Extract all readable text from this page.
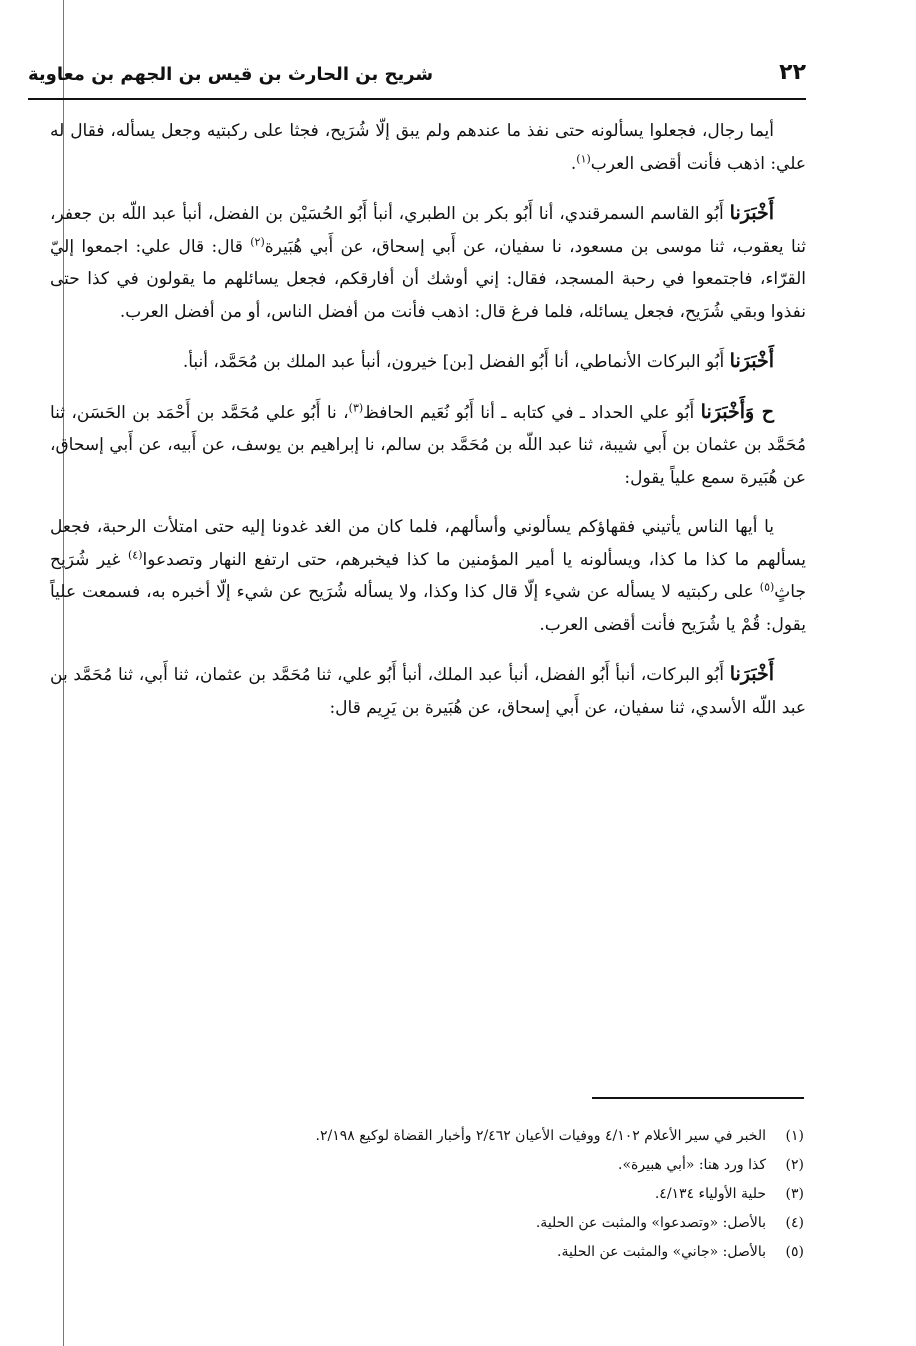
٢٢
شريح بن الحارث بن قيس بن الجهم بن معاوية

أيما رجال، فجعلوا يسألونه حتى نفذ ما عندهم ولم يبق إلّا شُرَيح، فجثا على ركبتيه وجعل يسأله، فقال له علي: اذهب فأنت أقضى العرب$^{(١)}$.

أَخْبَرَنا أَبُو القاسم السمرقندي، أنا أَبُو بكر بن الطبري، أنبأ أَبُو الحُسَيْن بن الفضل، أنبأ عبد اللّه بن جعفر، ثنا يعقوب، ثنا موسى بن مسعود، نا سفيان، عن أَبي إسحاق، عن أَبي هُبَيرة$^{(٢)}$ قال: قال علي: اجمعوا إليّ القرّاء، فاجتمعوا في رحبة المسجد، فقال: إني أوشك أن أفارقكم، فجعل يسائلهم ما يقولون في كذا حتى نفذوا وبقي شُرَيح، فجعل يسائله، فلما فرغ قال: اذهب فأنت من أفضل الناس، أو من أفضل العرب.

أَخْبَرَنا أَبُو البركات الأنماطي، أنا أَبُو الفضل [بن] خيرون، أنبأ عبد الملك بن مُحَمَّد، أنبأ.

ح وَأَخْبَرَنا أَبُو علي الحداد ـ في كتابه ـ أنا أَبُو نُعَيم الحافظ$^{(٣)}$، نا أَبُو علي مُحَمَّد بن أَحْمَد بن الحَسَن، ثنا مُحَمَّد بن عثمان بن أَبي شيبة، ثنا عبد اللّه بن مُحَمَّد بن سالم، نا إبراهيم بن يوسف، عن أَبيه، عن أَبي إسحاق، عن هُبَيرة سمع علياً يقول:

يا أيها الناس يأتيني فقهاؤكم يسألوني وأسألهم، فلما كان من الغد غدونا إليه حتى امتلأت الرحبة، فجعل يسألهم ما كذا ما كذا، ويسألونه يا أمير المؤمنين ما كذا فيخبرهم، حتى ارتفع النهار وتصدعوا$^{(٤)}$ غير شُرَيح جاثٍ$^{(٥)}$ على ركبتيه لا يسأله عن شيء إلّا قال كذا وكذا، ولا يسأله شُرَيح عن شيء إلّا أخبره به، فسمعت علياً يقول: قُمْ يا شُرَيح فأنت أقضى العرب.

أَخْبَرَنا أَبُو البركات، أنبأ أَبُو الفضل، أنبأ عبد الملك، أنبأ أَبُو علي، ثنا مُحَمَّد بن عثمان، ثنا أَبي، ثنا مُحَمَّد بن عبد اللّه الأسدي، ثنا سفيان، عن أَبي إسحاق، عن هُبَيرة بن يَرِيم قال:

(١)الخبر في سير الأعلام ٤/١٠٢ ووفيات الأعيان ٢/٤٦٢ وأخبار القضاة لوكيع ٢/١٩٨.

(٢)كذا ورد هنا: «أبي هبيرة».

(٣)حلية الأولياء ٤/١٣٤.

(٤)بالأصل: «وتصدعوا» والمثبت عن الحلية.

(٥)بالأصل: «جاني» والمثبت عن الحلية.
